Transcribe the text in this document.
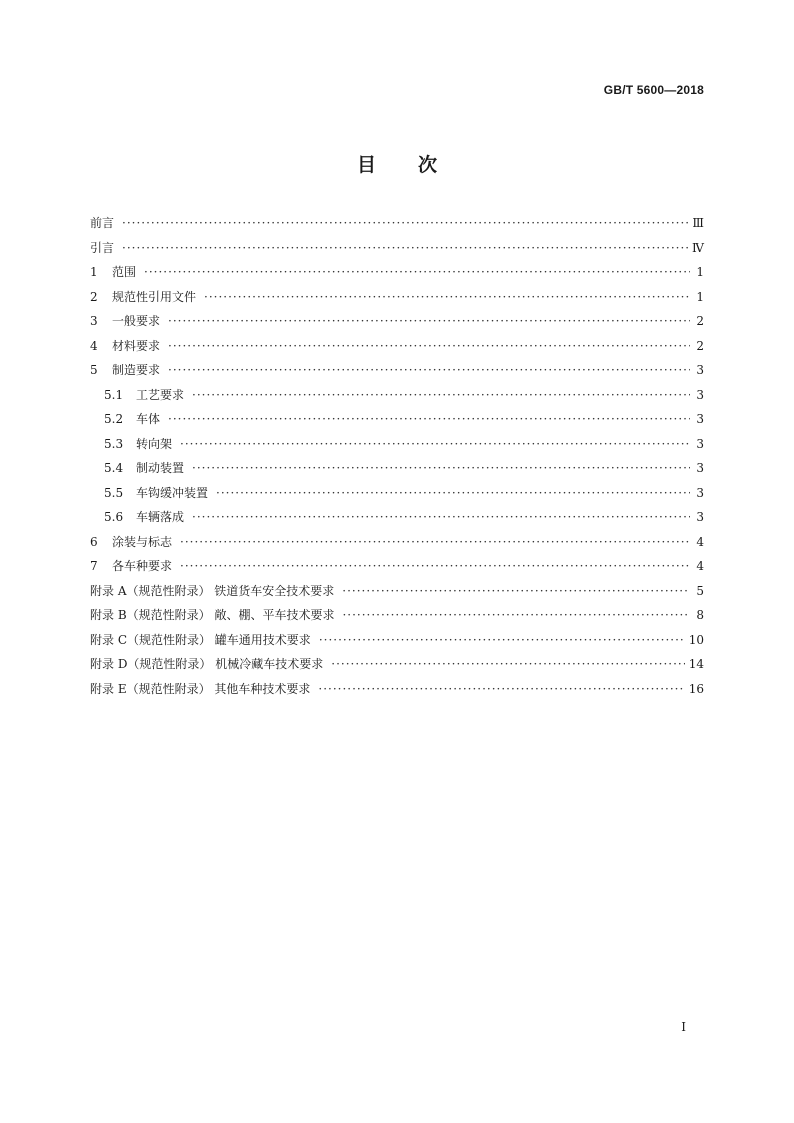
GB/T 5600—2018
目 次
前言 ·····	Ⅲ
引言 ·····	Ⅳ
1	范围 ·····	1
2	规范性引用文件 ·····	1
3	一般要求 ·····	2
4	材料要求 ·····	2
5	制造要求 ·····	3
5.1	工艺要求 ·····	3
5.2	车体 ·····	3
5.3	转向架 ·····	3
5.4	制动装置 ·····	3
5.5	车钩缓冲装置 ·····	3
5.6	车辆落成 ·····	3
6	涂装与标志 ·····	4
7	各车种要求 ·····	4
附录 A（规范性附录） 铁道货车安全技术要求 ·····	5
附录 B（规范性附录） 敞、棚、平车技术要求 ·····	8
附录 C（规范性附录） 罐车通用技术要求 ·····	10
附录 D（规范性附录） 机械冷藏车技术要求 ·····	14
附录 E（规范性附录） 其他车种技术要求 ·····	16
I
